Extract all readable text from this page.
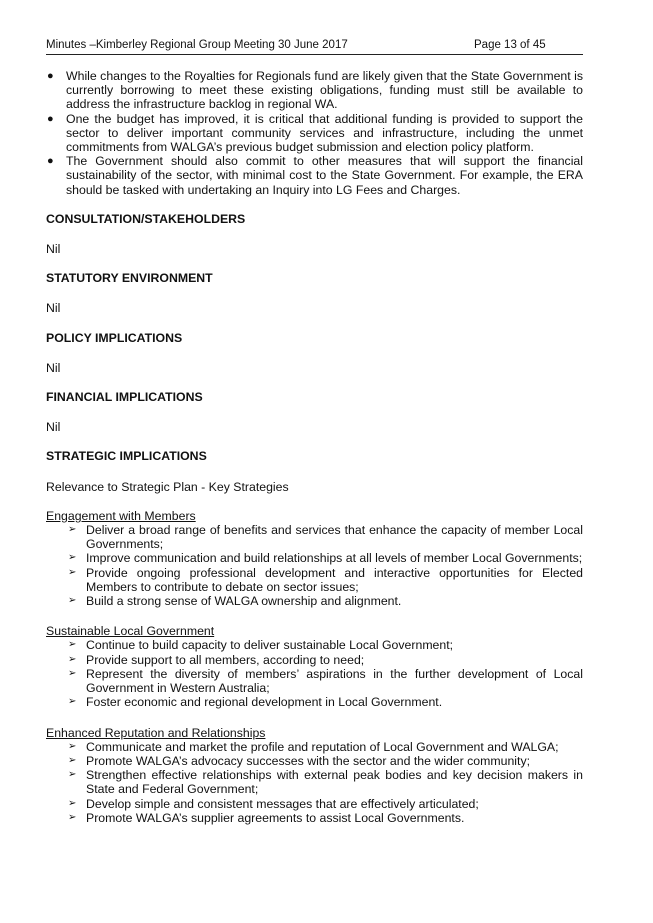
Minutes –Kimberley Regional Group Meeting 30 June 2017	Page 13 of 45
● While changes to the Royalties for Regionals fund are likely given that the State Government is currently borrowing to meet these existing obligations, funding must still be available to address the infrastructure backlog in regional WA.
● One the budget has improved, it is critical that additional funding is provided to support the sector to deliver important community services and infrastructure, including the unmet commitments from WALGA’s previous budget submission and election policy platform.
● The Government should also commit to other measures that will support the financial sustainability of the sector, with minimal cost to the State Government. For example, the ERA should be tasked with undertaking an Inquiry into LG Fees and Charges.

CONSULTATION/STAKEHOLDERS

Nil

STATUTORY ENVIRONMENT

Nil

POLICY IMPLICATIONS

Nil

FINANCIAL IMPLICATIONS

Nil

STRATEGIC IMPLICATIONS

Relevance to Strategic Plan - Key Strategies

Engagement with Members

➢ Deliver a broad range of benefits and services that enhance the capacity of member Local Governments;
➢ Improve communication and build relationships at all levels of member Local Governments;
➢ Provide ongoing professional development and interactive opportunities for Elected Members to contribute to debate on sector issues;
➢ Build a strong sense of WALGA ownership and alignment.

Sustainable Local Government

➢ Continue to build capacity to deliver sustainable Local Government;
➢ Provide support to all members, according to need;
➢ Represent the diversity of members’ aspirations in the further development of Local Government in Western Australia;
➢ Foster economic and regional development in Local Government.

Enhanced Reputation and Relationships

➢ Communicate and market the profile and reputation of Local Government and WALGA;
➢ Promote WALGA’s advocacy successes with the sector and the wider community;
➢ Strengthen effective relationships with external peak bodies and key decision makers in State and Federal Government;
➢ Develop simple and consistent messages that are effectively articulated;
➢ Promote WALGA’s supplier agreements to assist Local Governments.
